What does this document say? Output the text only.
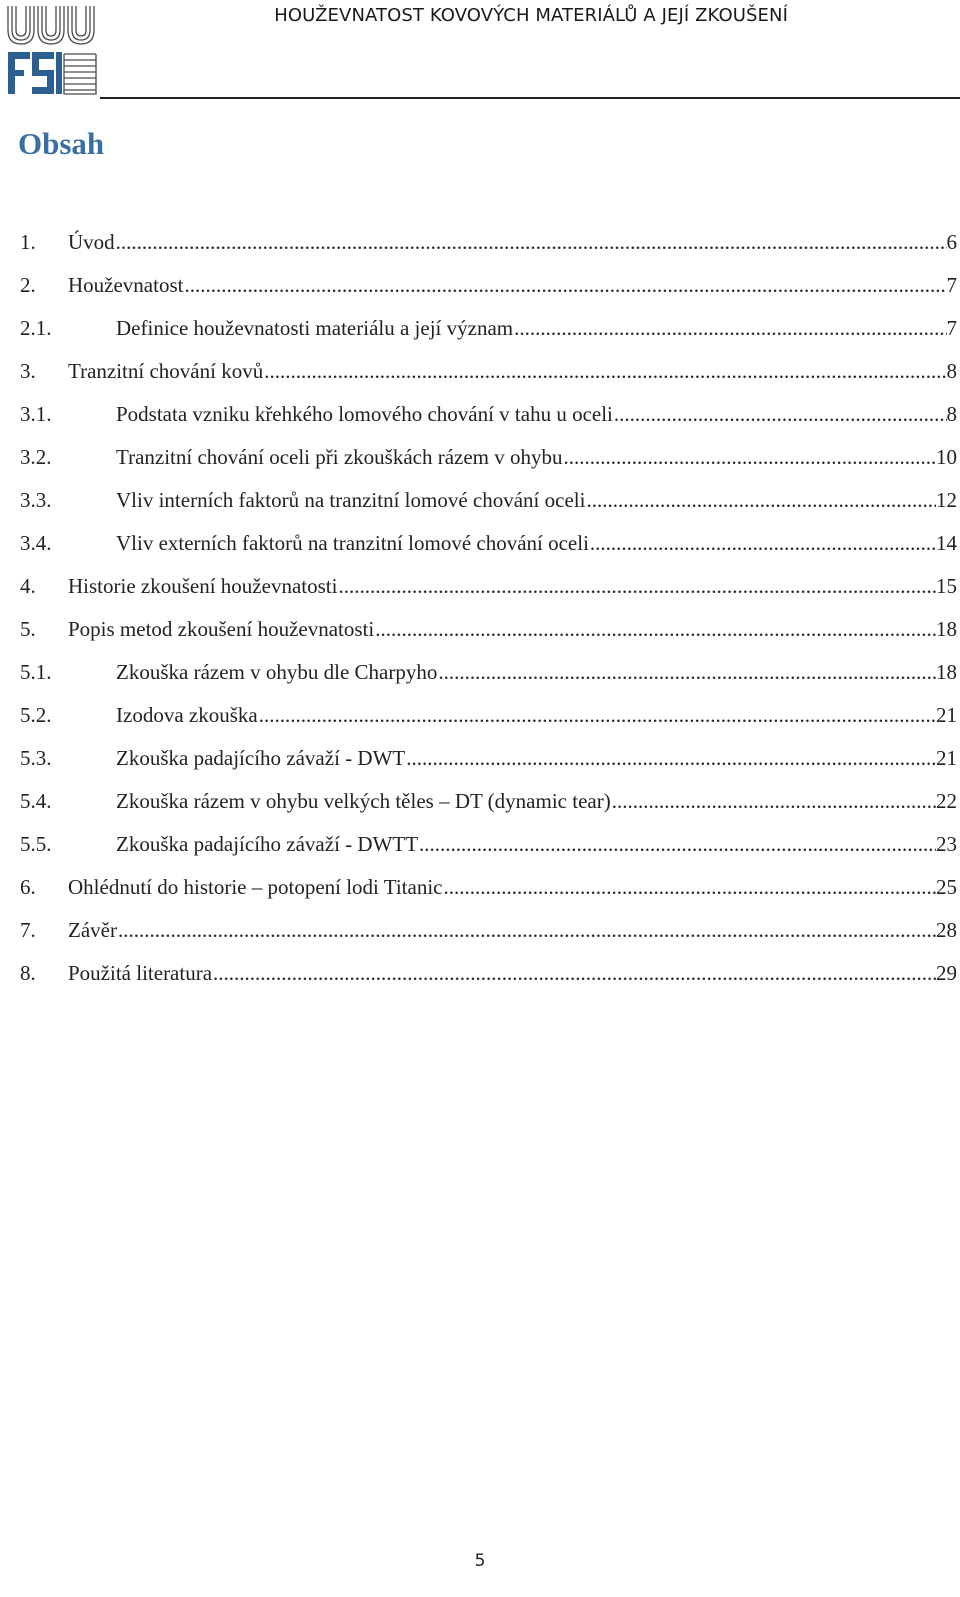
HOUŽEVNATOST KOVOVÝCH MATERIÁLŮ A JEJÍ ZKOUŠENÍ
Obsah
1. Úvod .....	6
2. Houževnatost .....	7
2.1.	Definice houževnatosti materiálu a její význam .....	7
3. Tranzitní chování kovů .....	8
3.1.	Podstata vzniku křehkého lomového chování v tahu u oceli .....	8
3.2.	Tranzitní chování oceli při zkouškách rázem v ohybu .....	10
3.3.	Vliv interních faktorů na tranzitní lomové chování oceli .....	12
3.4.	Vliv externích faktorů na tranzitní lomové chování oceli .....	14
4. Historie zkoušení houževnatosti .....	15
5. Popis metod zkoušení houževnatosti .....	18
5.1.	Zkouška rázem v ohybu dle Charpyho .....	18
5.2.	Izodova zkouška .....	21
5.3.	Zkouška padajícího závaží - DWT .....	21
5.4.	Zkouška rázem v ohybu velkých těles – DT (dynamic tear) .....	22
5.5.	Zkouška padajícího závaží - DWTT .....	23
6. Ohlédnutí do historie – potopení lodi Titanic .....	25
7. Závěr .....	28
8. Použitá literatura .....	29
5
